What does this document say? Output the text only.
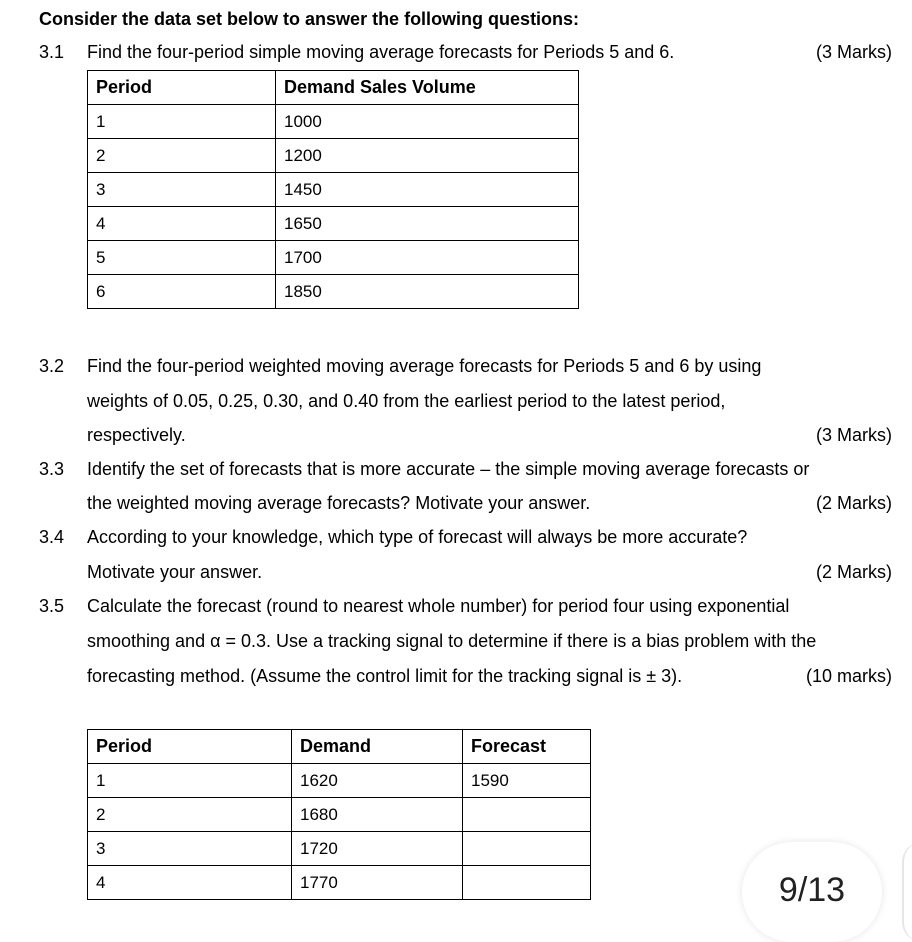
Consider the data set below to answer the following questions:
3.1 Find the four-period simple moving average forecasts for Periods 5 and 6.	(3 Marks)
Period	Demand Sales Volume
1	1000
2	1200
3	1450
4	1650
5	1700
6	1850
3.2 Find the four-period weighted moving average forecasts for Periods 5 and 6 by using
weights of 0.05, 0.25, 0.30, and 0.40 from the earliest period to the latest period,
respectively.	(3 Marks)
3.3 Identify the set of forecasts that is more accurate – the simple moving average forecasts or
the weighted moving average forecasts? Motivate your answer.	(2 Marks)
3.4 According to your knowledge, which type of forecast will always be more accurate?
Motivate your answer.	(2 Marks)
3.5 Calculate the forecast (round to nearest whole number) for period four using exponential
smoothing and α = 0.3. Use a tracking signal to determine if there is a bias problem with the
forecasting method. (Assume the control limit for the tracking signal is ± 3).	(10 marks)
Period	Demand	Forecast
1	1620	1590
2	1680	
3	1720	
4	1770		9/13
